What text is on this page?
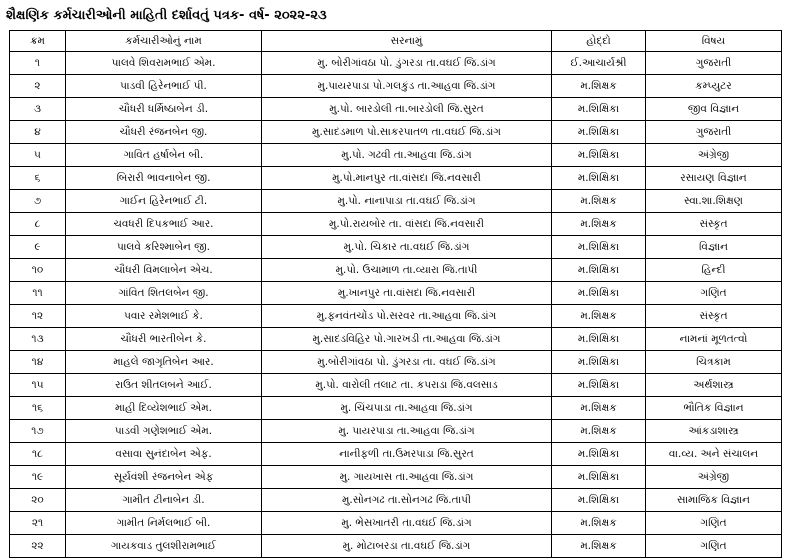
શૈક્ષણિક કર્મચારીઓની માહિતી દર્શાવતું પત્રક- વર્ષ- ૨૦૨૨-૨૩
ક્રમ	કર્મચારીઓનું નામ	સરનામું	હોદ્દો	વિષય
૧	પાલવે શિવરામભાઈ એમ.	મુ. બોરીગાંવઠા પો. ડુંગરડા તા.વઘઈ જિ.ડાંગ	ઈ.આચાર્યશ્રી	ગુજરાતી
૨	પાડવી હિરેનભાઈ પી.	મુ.પાયરપાડા પો.ગલકુંડ તા.આહવા જિ.ડાંગ	મ.શિક્ષક	કમ્પ્યુટર
૩	ચૌધરી ધર્મિષ્ઠાબેન ડી.	મુ.પો. બારડોલી તા.બારડોલી જિ.સુરત	મ.શિક્ષિકા	જીવ વિજ્ઞાન
૪	ચૌધરી રંજનબેન જી.	મુ.સાદડમાળ પો.સાકરપાતળ તા.વઘઈ જિ.ડાંગ	મ.શિક્ષિકા	ગુજરાતી
૫	ગાવિત હર્ષાબેન બી.	મુ.પો. ગઢવી તા.આહવા જિ.ડાંગ	મ.શિક્ષિકા	અંગ્રેજી
૬	બિરારી ભાવનાબેન જી.	મુ.પો.માનપુર તા.વાંસદા જિ.નવસારી	મ.શિક્ષિકા	રસાયણ વિજ્ઞાન
૭	ગાઈન હિરેનભાઈ ટી.	મુ.પો. નાનાપાડા તા.વઘઈ જિ.ડાંગ	મ.શિક્ષક	સ્વા.શા.શિક્ષણ
૮	ચવધરી દિપકભાઈ આર.	મુ.પો.રાયબોર તા. વાંસદા જિ.નવસારી	મ.શિક્ષક	સંસ્કૃત
૯	પાલવે કરિશ્માબેન જી.	મુ.પો. ચિકાર તા.વઘઈ જિ.ડાંગ	મ.શિક્ષિકા	વિજ્ઞાન
૧૦	ચૌધરી વિમલાબેન એચ.	મુ.પો. ઉચામાળ તા.વ્યારા જિ.તાપી	મ.શિક્ષિકા	હિન્દી
૧૧	ગાંવિત શિતલબેન જી.	મુ.ખાનપુર તા.વાંસદા જિ.નવસારી	મ.શિક્ષિકા	ગણિત
૧૨	પવાર રમેશભાઈ કે.	મુ.ફનવંતચોંડ પો.સરવર તા.આહવા જિ.ડાંગ	મ.શિક્ષક	સંસ્કૃત
૧૩	ચૌધરી ભારતીબેન કે.	મુ.સાદડવિહિર પો.ગારખડી તા.આહવા જિ.ડાંગ	મ.શિક્ષિકા	નામનાં મૂળતત્વો
૧૪	માહલે જાગૃતિબેન આર.	મુ.બોરીગાંવઠા પો. ડુંગરડા તા. વઘઈ જિ.ડાંગ	મ.શિક્ષિકા	ચિત્રકામ
૧૫	રાઉત શીતલબને આઈ.	મુ.પો. વારોલી તલાટ તા. કપરાડા જિ.વલસાડ	મ.શિક્ષિકા	અર્થશાસ્ત્ર
૧૬	માહી દિવ્યેશભાઈ એમ.	મુ. ચિંચપાડા તા.આહવા જિ.ડાંગ	મ.શિક્ષક	ભૌતિક વિજ્ઞાન
૧૭	પાડવી ગણેશભાઈ એમ.	મુ. પાયરપાડા તા.આહવા જિ.ડાંગ	મ.શિક્ષક	આંકડાશાસ્ત્ર
૧૮	વસાવા સુનંદાબેન એફ.	નાનીફળી તા.ઉમરપાડા જિ.સુરત	મ.શિક્ષિકા	વા.વ્ય. અને સંચાલન
૧૯	સૂર્યવંશી રંજનબેન એફ	મુ. ગાયખાસ તા.આહવા જિ.ડાંગ	મ.શિક્ષિકા	અંગ્રેજી
૨૦	ગામીત ટીનાબેન ડી.	મુ.સોનગઢ તા.સોનગઢ જિ.તાપી	મ.શિક્ષિકા	સામાજિક વિજ્ઞાન
૨૧	ગામીત નિર્મલભાઈ બી.	મુ. ભેસખાતરી તા.વઘઈ જિ.ડાંગ	મ.શિક્ષક	ગણિત
૨૨	ગાયકવાડ તુલશીરામભાઈ	મુ. મોટાબરડા તા.વઘઈ જિ.ડાંગ	મ.શિક્ષક	ગણિત
